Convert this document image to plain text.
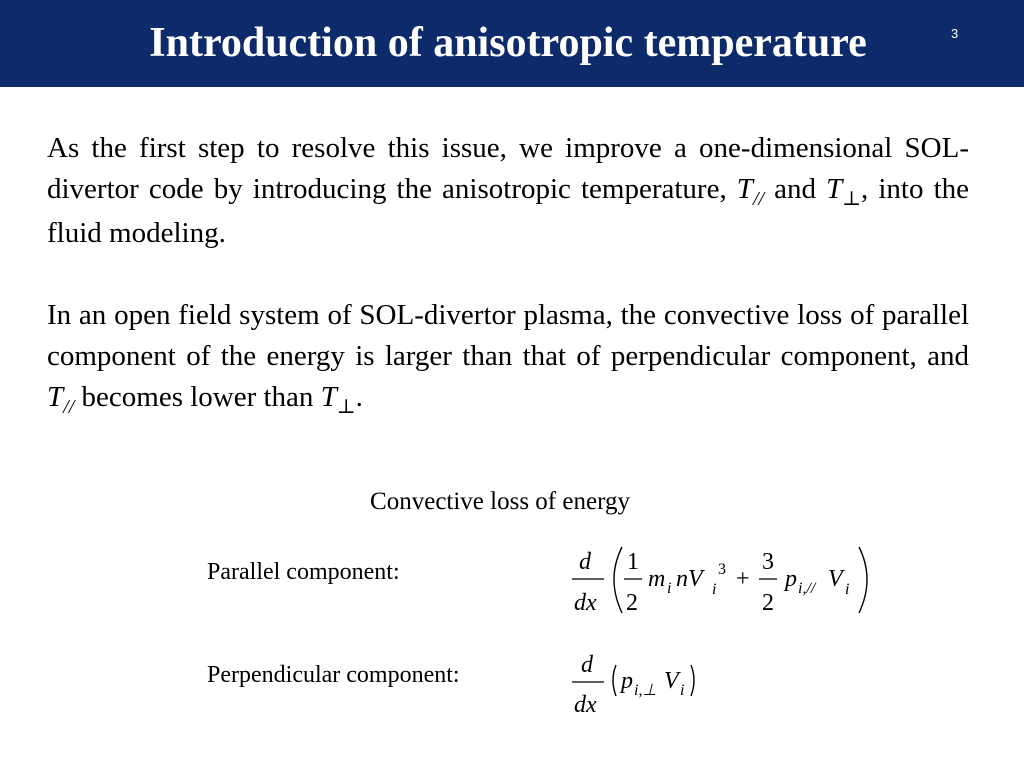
Introduction of anisotropic temperature	3

As the first step to resolve this issue, we improve a one-dimensional SOL-divertor code by introducing the anisotropic temperature, $T_{//}$ and $T_\perp$, into the fluid modeling.

In an open field system of SOL-divertor plasma, the convective loss of parallel component of the energy is larger than that of perpendicular component, and $T_{//}$ becomes lower than $T_\perp$.

Convective loss of energy

Parallel component:

Perpendicular component:

d
dx
1
2
m i nV 3
i +
3
2
p i,// V i
d
dx
p i,⊥ V i
